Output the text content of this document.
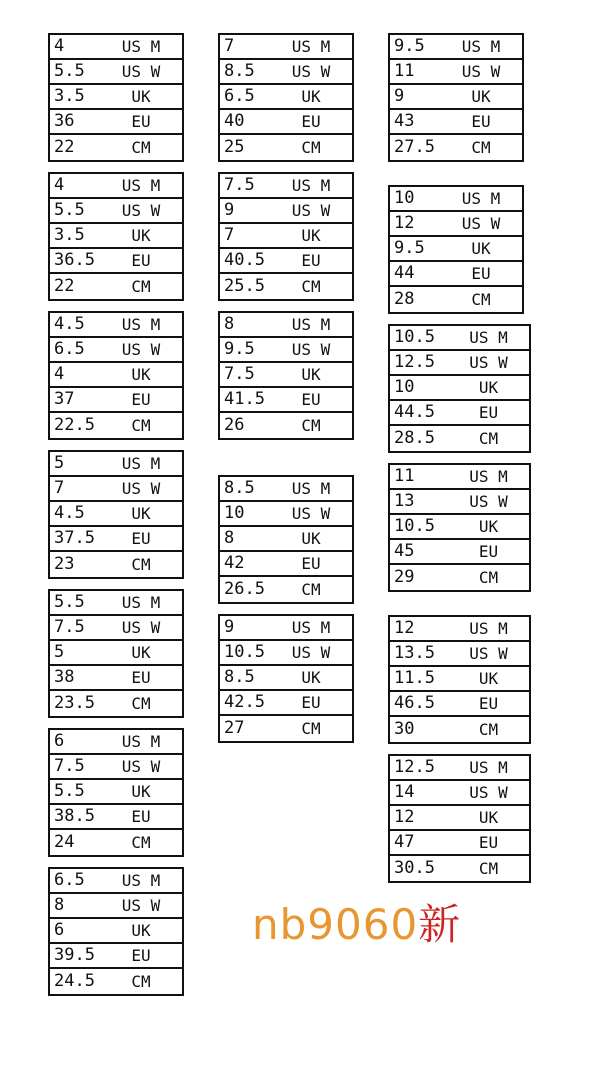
4	US M
5.5	US W
3.5	UK
36	EU
22	CM
4	US M
5.5	US W
3.5	UK
36.5	EU
22	CM
4.5	US M
6.5	US W
4	UK
37	EU
22.5	CM
5	US M
7	US W
4.5	UK
37.5	EU
23	CM
5.5	US M
7.5	US W
5	UK
38	EU
23.5	CM
6	US M
7.5	US W
5.5	UK
38.5	EU
24	CM
6.5	US M
8	US W
6	UK
39.5	EU
24.5	CM
7	US M
8.5	US W
6.5	UK
40	EU
25	CM
7.5	US M
9	US W
7	UK
40.5	EU
25.5	CM
8	US M
9.5	US W
7.5	UK
41.5	EU
26	CM
8.5	US M
10	US W
8	UK
42	EU
26.5	CM
9	US M
10.5	US W
8.5	UK
42.5	EU
27	CM
9.5	US M
11	US W
9	UK
43	EU
27.5	CM
10	US M
12	US W
9.5	UK
44	EU
28	CM
10.5	US M
12.5	US W
10	UK
44.5	EU
28.5	CM
11	US M
13	US W
10.5	UK
45	EU
29	CM
12	US M
13.5	US W
11.5	UK
46.5	EU
30	CM
12.5	US M
14	US W
12	UK
47	EU
30.5	CM
nb9060新
